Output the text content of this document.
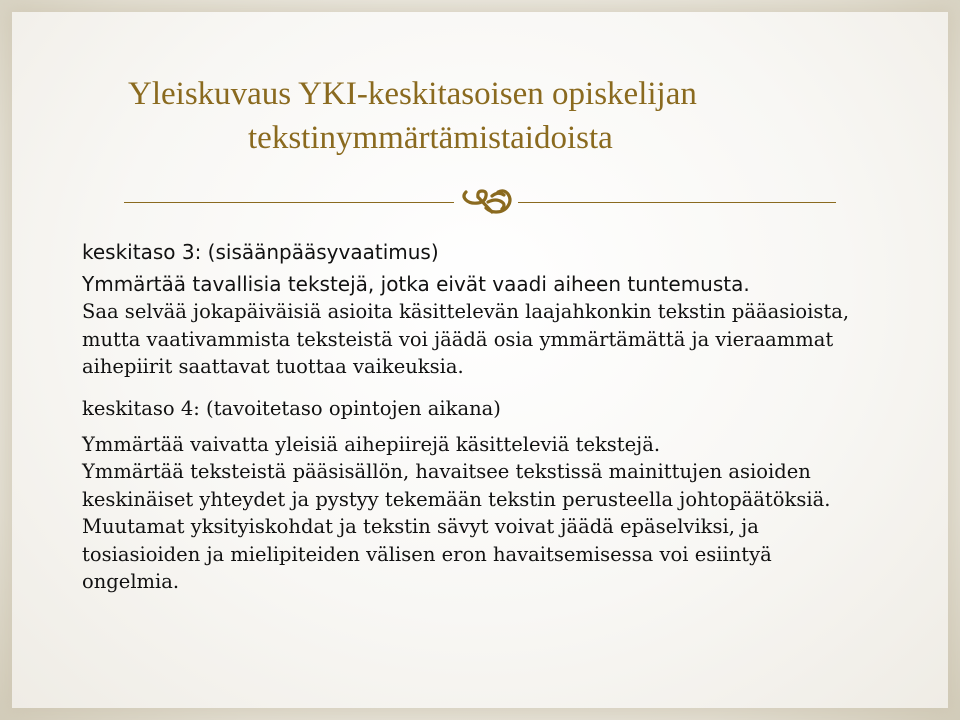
Yleiskuvaus YKI-keskitasoisen opiskelijan
tekstinymmärtämistaidoista

keskitaso 3: (sisäänpääsyvaatimus)

Ymmärtää tavallisia tekstejä, jotka eivät vaadi aiheen tuntemusta.

Saa selvää jokapäiväisiä asioita käsittelevän laajahkonkin tekstin pääasioista, mutta vaativammista teksteistä voi jäädä osia ymmärtämättä ja vieraammat aihepiirit saattavat tuottaa vaikeuksia.

keskitaso 4: (tavoitetaso opintojen aikana)

Ymmärtää vaivatta yleisiä aihepiirejä käsitteleviä tekstejä.

Ymmärtää teksteistä pääsisällön, havaitsee tekstissä mainittujen asioiden keskinäiset yhteydet ja pystyy tekemään tekstin perusteella johtopäätöksiä. Muutamat yksityiskohdat ja tekstin sävyt voivat jäädä epäselviksi, ja tosiasioiden ja mielipiteiden välisen eron havaitsemisessa voi esiintyä ongelmia.
